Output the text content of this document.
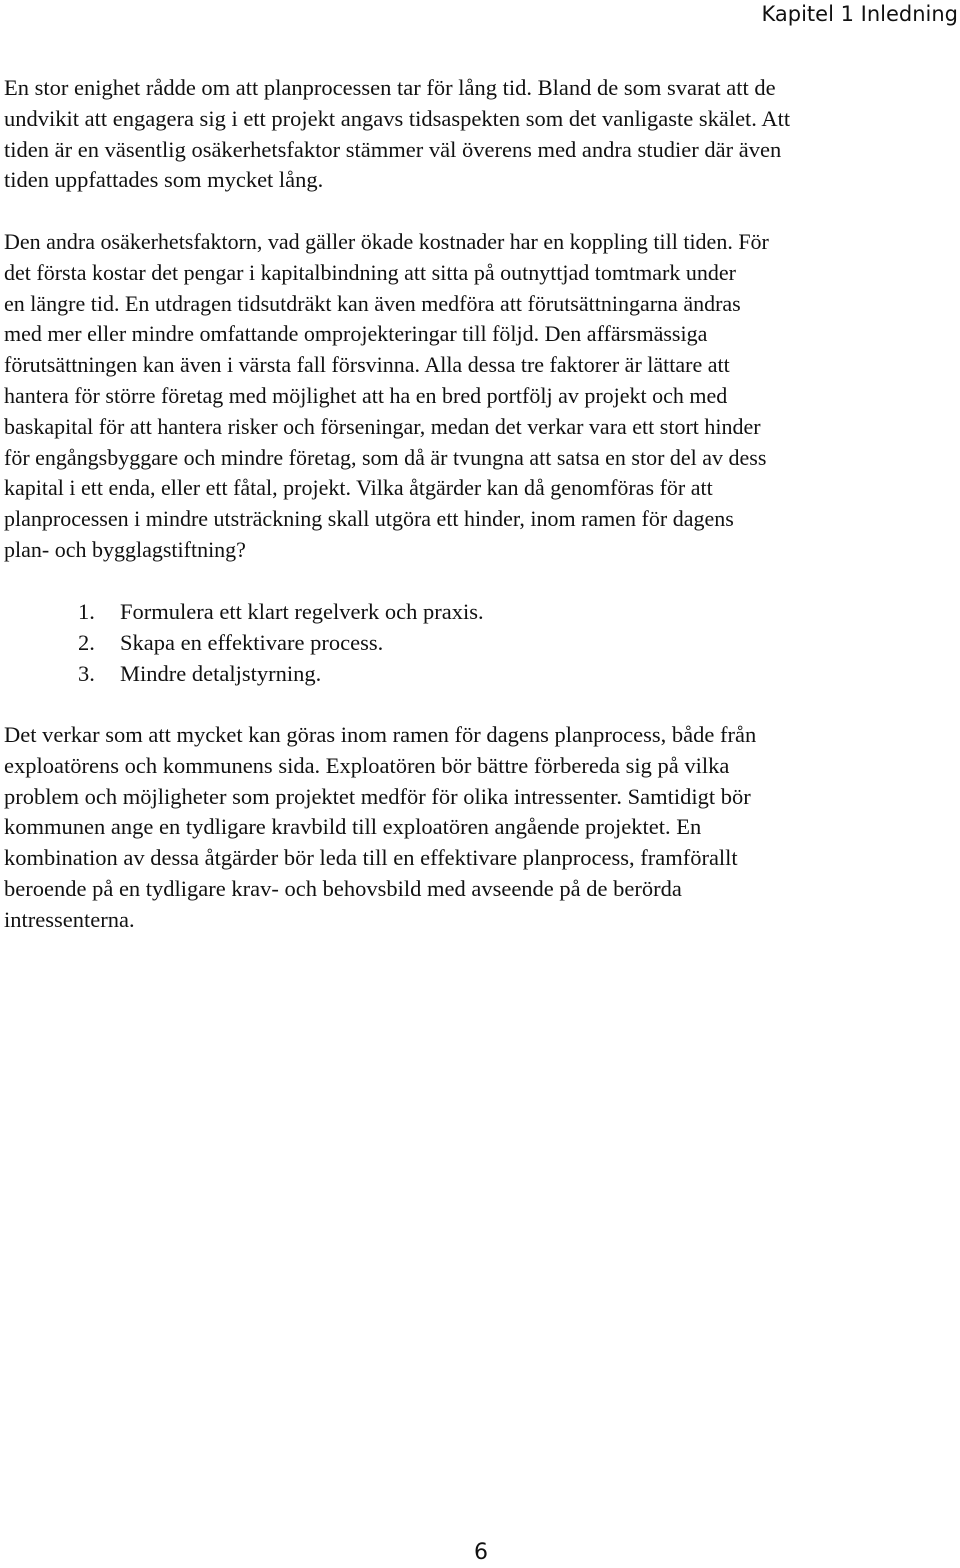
Kapitel 1 Inledning

En stor enighet rådde om att planprocessen tar för lång tid. Bland de som svarat att de
undvikit att engagera sig i ett projekt angavs tidsaspekten som det vanligaste skälet. Att
tiden är en väsentlig osäkerhetsfaktor stämmer väl överens med andra studier där även
tiden uppfattades som mycket lång.

Den andra osäkerhetsfaktorn, vad gäller ökade kostnader har en koppling till tiden. För
det första kostar det pengar i kapitalbindning att sitta på outnyttjad tomtmark under
en längre tid. En utdragen tidsutdräkt kan även medföra att förutsättningarna ändras
med mer eller mindre omfattande omprojekteringar till följd. Den affärsmässiga
förutsättningen kan även i värsta fall försvinna. Alla dessa tre faktorer är lättare att
hantera för större företag med möjlighet att ha en bred portfölj av projekt och med
baskapital för att hantera risker och förseningar, medan det verkar vara ett stort hinder
för engångsbyggare och mindre företag, som då är tvungna att satsa en stor del av dess
kapital i ett enda, eller ett fåtal, projekt. Vilka åtgärder kan då genomföras för att
planprocessen i mindre utsträckning skall utgöra ett hinder, inom ramen för dagens
plan- och bygglagstiftning?

1. Formulera ett klart regelverk och praxis.
2. Skapa en effektivare process.
3. Mindre detaljstyrning.

Det verkar som att mycket kan göras inom ramen för dagens planprocess, både från
exploatörens och kommunens sida. Exploatören bör bättre förbereda sig på vilka
problem och möjligheter som projektet medför för olika intressenter. Samtidigt bör
kommunen ange en tydligare kravbild till exploatören angående projektet. En
kombination av dessa åtgärder bör leda till en effektivare planprocess, framförallt
beroende på en tydligare krav- och behovsbild med avseende på de berörda
intressenterna.

6
